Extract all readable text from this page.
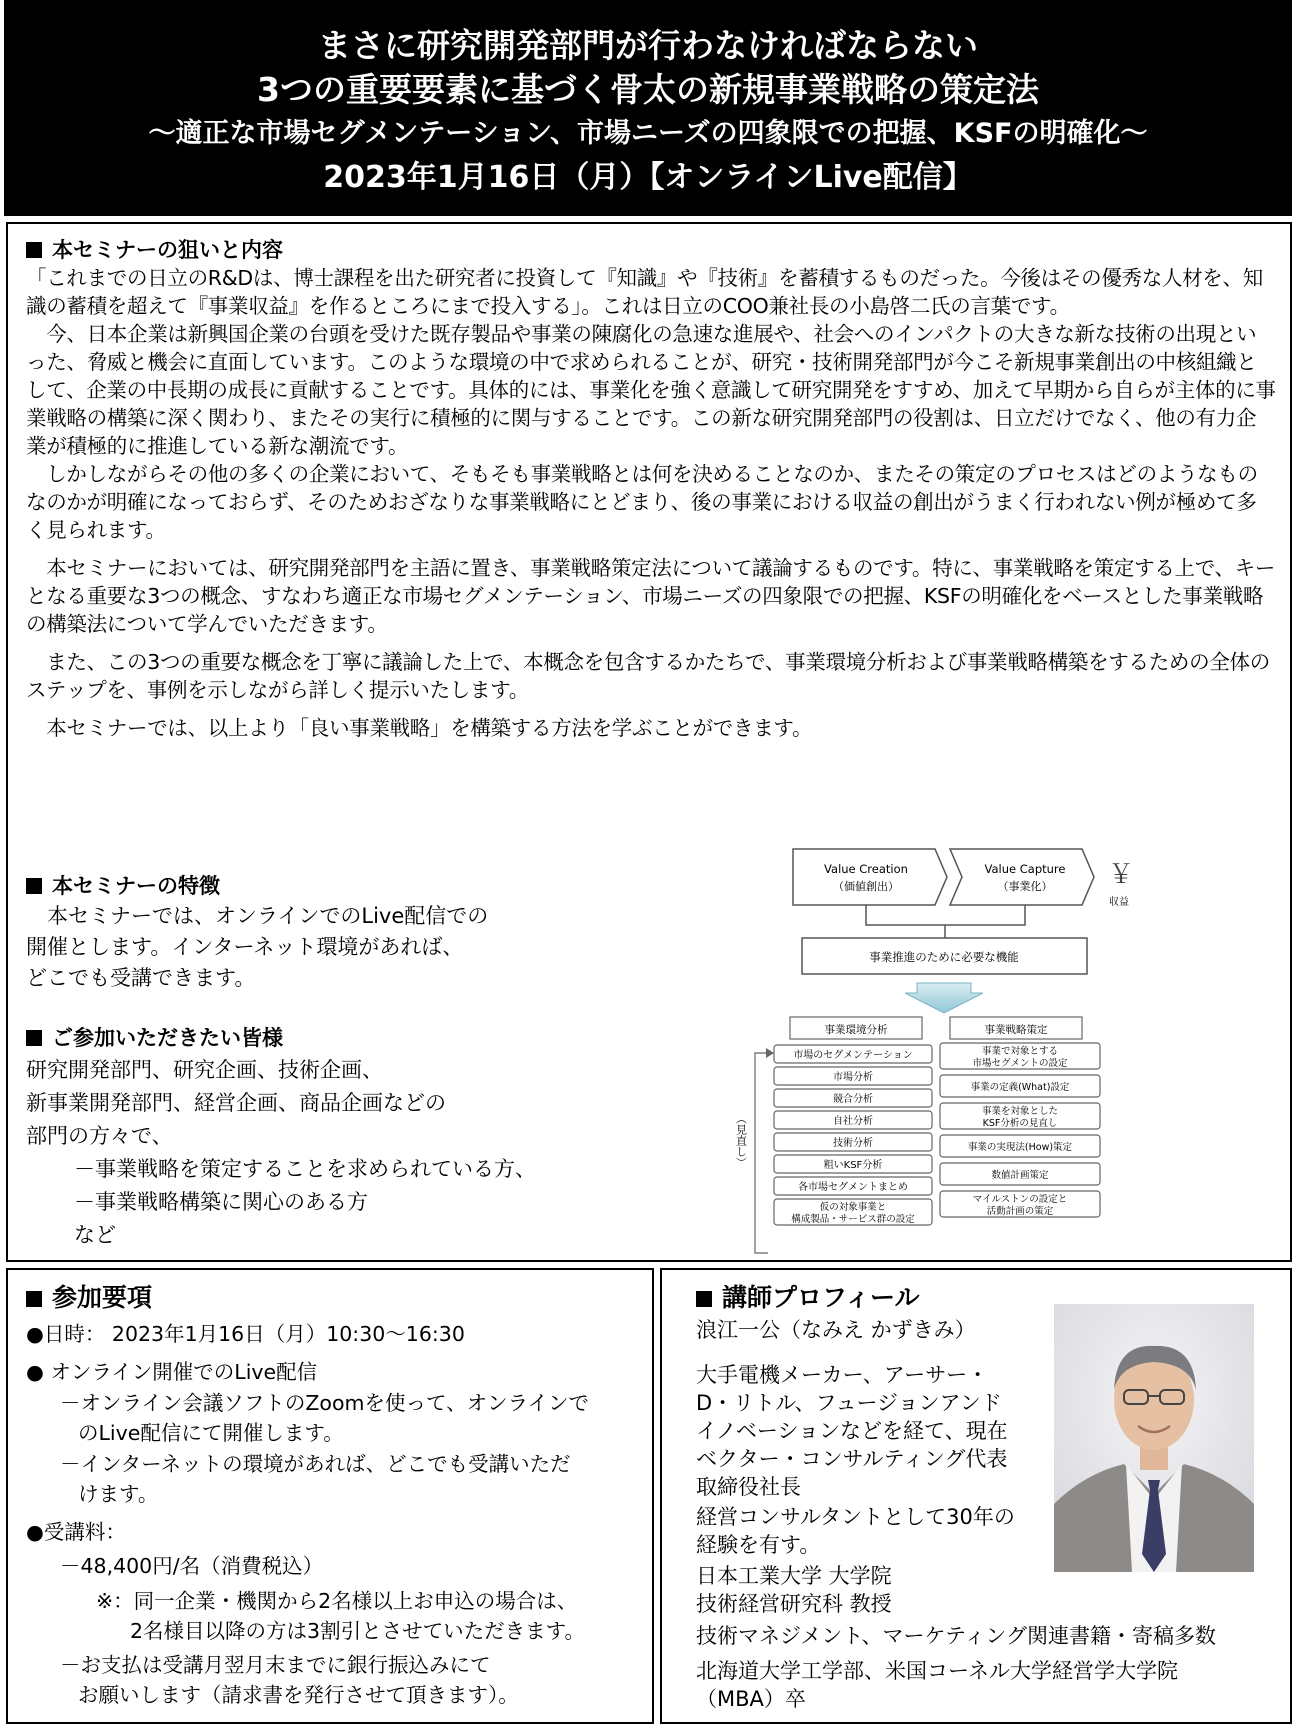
まさに研究開発部門が行わなければならない
3つの重要要素に基づく骨太の新規事業戦略の策定法
～適正な市場セグメンテーション、市場ニーズの四象限での把握、KSFの明確化～
2023年1月16日（月）【オンラインLive配信】
本セミナーの狙いと内容

「これまでの日立のR&Dは、博士課程を出た研究者に投資して『知識』や『技術』を蓄積するものだった。今後はその優秀な人材を、知識の蓄積を超えて『事業収益』を作るところにまで投入する」。これは日立のCOO兼社長の小島啓二氏の言葉です。

　今、日本企業は新興国企業の台頭を受けた既存製品や事業の陳腐化の急速な進展や、社会へのインパクトの大きな新な技術の出現といった、脅威と機会に直面しています。このような環境の中で求められることが、研究・技術開発部門が今こそ新規事業創出の中核組織として、企業の中長期の成長に貢献することです。具体的には、事業化を強く意識して研究開発をすすめ、加えて早期から自らが主体的に事業戦略の構築に深く関わり、またその実行に積極的に関与することです。この新な研究開発部門の役割は、日立だけでなく、他の有力企業が積極的に推進している新な潮流です。

　しかしながらその他の多くの企業において、そもそも事業戦略とは何を決めることなのか、またその策定のプロセスはどのようなものなのかが明確になっておらず、そのためおざなりな事業戦略にとどまり、後の事業における収益の創出がうまく行われない例が極めて多く見られます。

　本セミナーにおいては、研究開発部門を主語に置き、事業戦略策定法について議論するものです。特に、事業戦略を策定する上で、キーとなる重要な3つの概念、すなわち適正な市場セグメンテーション、市場ニーズの四象限での把握、KSFの明確化をベースとした事業戦略の構築法について学んでいただきます。

　また、この3つの重要な概念を丁寧に議論した上で、本概念を包含するかたちで、事業環境分析および事業戦略構築をするための全体のステップを、事例を示しながら詳しく提示いたします。

　本セミナーでは、以上より「良い事業戦略」を構築する方法を学ぶことができます。

本セミナーの特徴
　本セミナーでは、オンラインでのLive配信での
開催とします。インターネット環境があれば、
どこでも受講できます。
ご参加いただきたい皆様
研究開発部門、研究企画、技術企画、
新事業開発部門、経営企画、商品企画などの
部門の方々で、
－事業戦略を策定することを求められている方、
－事業戦略構築に関心のある方
など
Value Creation
（価値創出）
Value Capture
（事業化） ￥
収益
事業推進のために必要な機能
事業環境分析	事業戦略策定
（見直し）
市場のセグメンテーション
市場分析
競合分析
自社分析
技術分析
粗いKSF分析
各市場セグメントまとめ
仮の対象事業と
構成製品・サービス群の設定
事業で対象とする
市場セグメントの設定
事業の定義(What)設定
事業を対象とした
KSF分析の見直し
事業の実現法(How)策定
数値計画策定
マイルストンの設定と
活動計画の策定
参加要項
●日時： 2023年1月16日（月）10:30～16:30
● オンライン開催でのLive配信
－オンライン会議ソフトのZoomを使って、オンラインで
のLive配信にて開催します。
－インターネットの環境があれば、どこでも受講いただ
けます。
●受講料：
－48,400円/名（消費税込）
※：同一企業・機関から2名様以上お申込の場合は、
2名様目以降の方は3割引とさせていただきます。
－お支払は受講月翌月末までに銀行振込みにて
お願いします（請求書を発行させて頂きます）。
講師プロフィール
浪江一公（なみえ かずきみ）
大手電機メーカー、アーサー・
D・リトル、フュージョンアンド
イノベーションなどを経て、現在
ベクター・コンサルティング代表
取締役社長
経営コンサルタントとして30年の
経験を有す。
日本工業大学 大学院
技術経営研究科 教授
技術マネジメント、マーケティング関連書籍・寄稿多数
北海道大学工学部、米国コーネル大学経営学大学院
（MBA）卒
